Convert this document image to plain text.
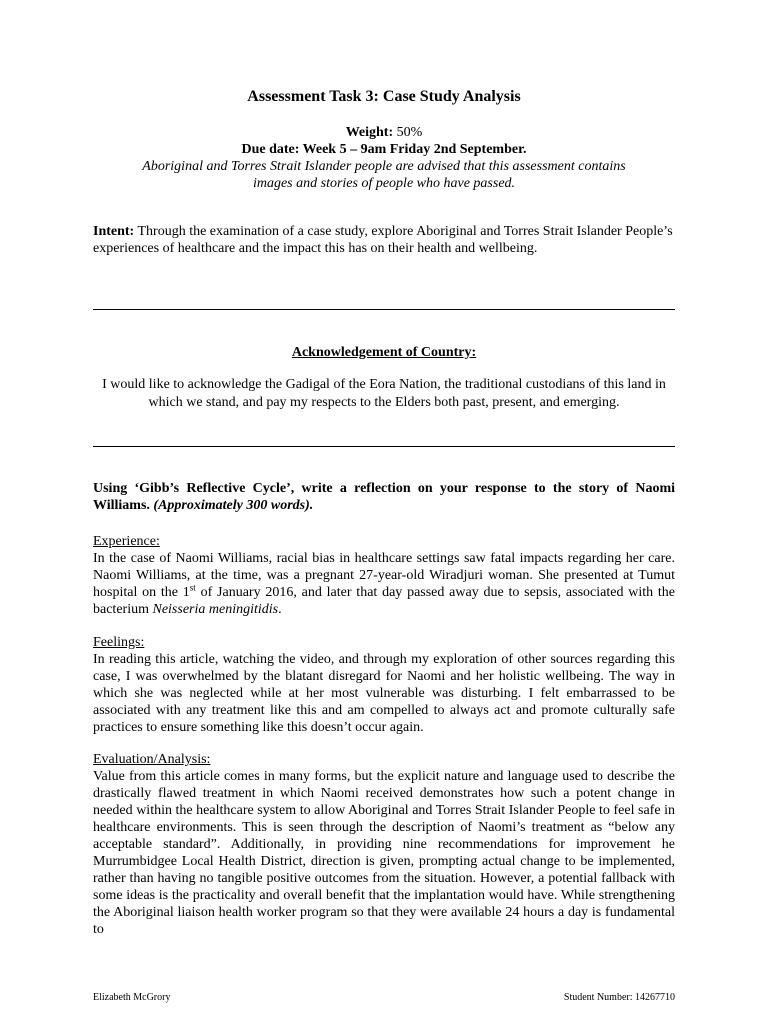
Assessment Task 3: Case Study Analysis
Weight: 50%
Due date: Week 5 – 9am Friday 2nd September.
Aboriginal and Torres Strait Islander people are advised that this assessment contains images and stories of people who have passed.
Intent: Through the examination of a case study, explore Aboriginal and Torres Strait Islander People’s experiences of healthcare and the impact this has on their health and wellbeing.
Acknowledgement of Country:
I would like to acknowledge the Gadigal of the Eora Nation, the traditional custodians of this land in which we stand, and pay my respects to the Elders both past, present, and emerging.
Using ‘Gibb’s Reflective Cycle’, write a reflection on your response to the story of Naomi Williams. (Approximately 300 words).
Experience:

In the case of Naomi Williams, racial bias in healthcare settings saw fatal impacts regarding her care. Naomi Williams, at the time, was a pregnant 27-year-old Wiradjuri woman. She presented at Tumut hospital on the 1st of January 2016, and later that day passed away due to sepsis, associated with the bacterium Neisseria meningitidis.

Feelings:

In reading this article, watching the video, and through my exploration of other sources regarding this case, I was overwhelmed by the blatant disregard for Naomi and her holistic wellbeing. The way in which she was neglected while at her most vulnerable was disturbing. I felt embarrassed to be associated with any treatment like this and am compelled to always act and promote culturally safe practices to ensure something like this doesn’t occur again.

Evaluation/Analysis:

Value from this article comes in many forms, but the explicit nature and language used to describe the drastically flawed treatment in which Naomi received demonstrates how such a potent change in needed within the healthcare system to allow Aboriginal and Torres Strait Islander People to feel safe in healthcare environments. This is seen through the description of Naomi’s treatment as “below any acceptable standard”. Additionally, in providing nine recommendations for improvement he Murrumbidgee Local Health District, direction is given, prompting actual change to be implemented, rather than having no tangible positive outcomes from the situation. However, a potential fallback with some ideas is the practicality and overall benefit that the implantation would have. While strengthening the Aboriginal liaison health worker program so that they were available 24 hours a day is fundamental to

Elizabeth McGrory	Student Number: 14267710
